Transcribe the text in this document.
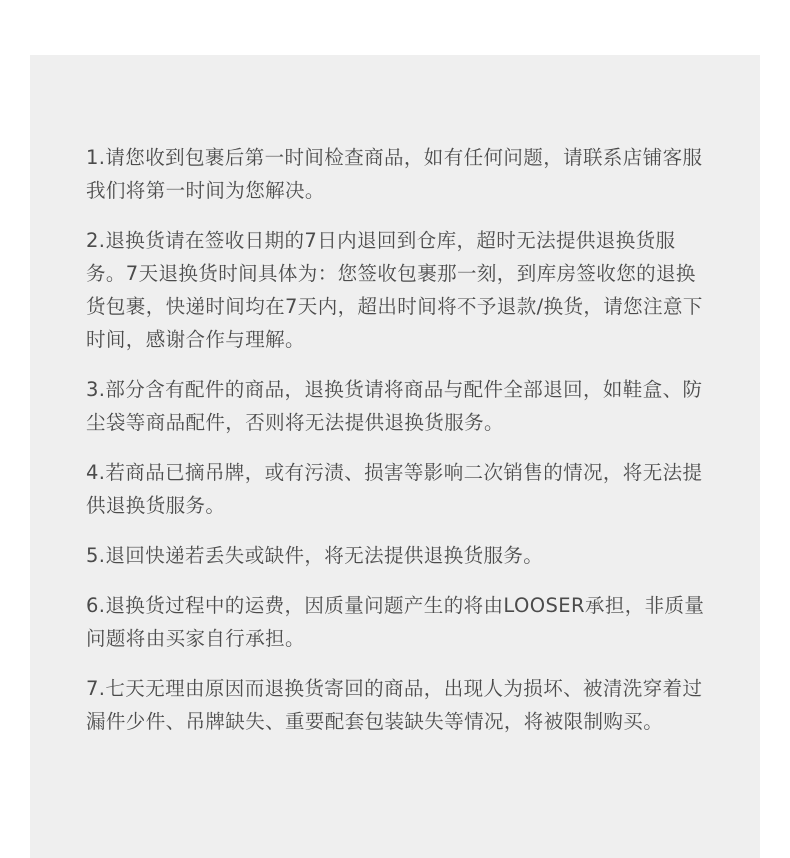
1.请您收到包裹后第一时间检查商品，如有任何问题，请联系店铺客服我们将第一时间为您解决。

2.退换货请在签收日期的7日内退回到仓库，超时无法提供退换货服务。7天退换货时间具体为：您签收包裹那一刻，到库房签收您的退换货包裹，快递时间均在7天内，超出时间将不予退款/换货，请您注意下时间，感谢合作与理解。

3.部分含有配件的商品，退换货请将商品与配件全部退回，如鞋盒、防尘袋等商品配件，否则将无法提供退换货服务。

4.若商品已摘吊牌，或有污渍、损害等影响二次销售的情况，将无法提供退换货服务。

5.退回快递若丢失或缺件，将无法提供退换货服务。

6.退换货过程中的运费，因质量问题产生的将由LOOSER承担，非质量问题将由买家自行承担。

7.七天无理由原因而退换货寄回的商品，出现人为损坏、被清洗穿着过漏件少件、吊牌缺失、重要配套包装缺失等情况，将被限制购买。
